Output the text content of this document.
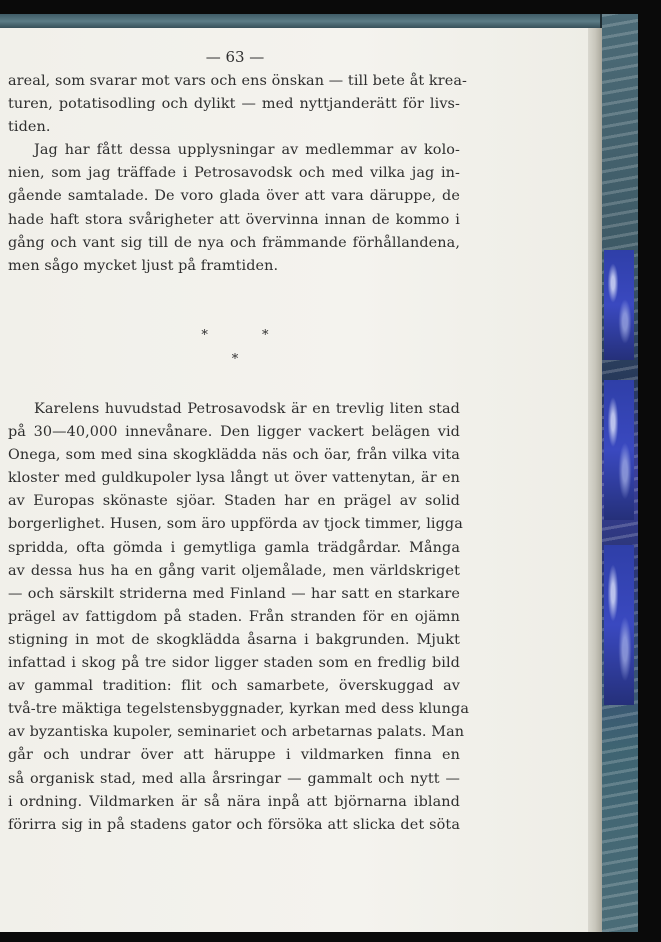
— 63 —
areal, som svarar mot vars och ens önskan — till bete åt krea-
turen, potatisodling och dylikt — med nyttjanderätt för livs-
tiden.
Jag har fått dessa upplysningar av medlemmar av kolo-
nien, som jag träffade i Petrosavodsk och med vilka jag in-
gående samtalade. De voro glada över att vara däruppe, de
hade haft stora svårigheter att övervinna innan de kommo i
gång och vant sig till de nya och främmande förhållandena,
men sågo mycket ljust på framtiden.
* *
*
Karelens huvudstad Petrosavodsk är en trevlig liten stad
på 30—40,000 innevånare. Den ligger vackert belägen vid
Onega, som med sina skogklädda näs och öar, från vilka vita
kloster med guldkupoler lysa långt ut över vattenytan, är en
av Europas skönaste sjöar. Staden har en prägel av solid
borgerlighet. Husen, som äro uppförda av tjock timmer, ligga
spridda, ofta gömda i gemytliga gamla trädgårdar. Många
av dessa hus ha en gång varit oljemålade, men världskriget
— och särskilt striderna med Finland — har satt en starkare
prägel av fattigdom på staden. Från stranden för en ojämn
stigning in mot de skogklädda åsarna i bakgrunden. Mjukt
infattad i skog på tre sidor ligger staden som en fredlig bild
av gammal tradition: flit och samarbete, överskuggad av
två-tre mäktiga tegelstensbyggnader, kyrkan med dess klunga
av byzantiska kupoler, seminariet och arbetarnas palats. Man
går och undrar över att häruppe i vildmarken finna en
så organisk stad, med alla årsringar — gammalt och nytt —
i ordning. Vildmarken är så nära inpå att björnarna ibland
förirra sig in på stadens gator och försöka att slicka det söta
